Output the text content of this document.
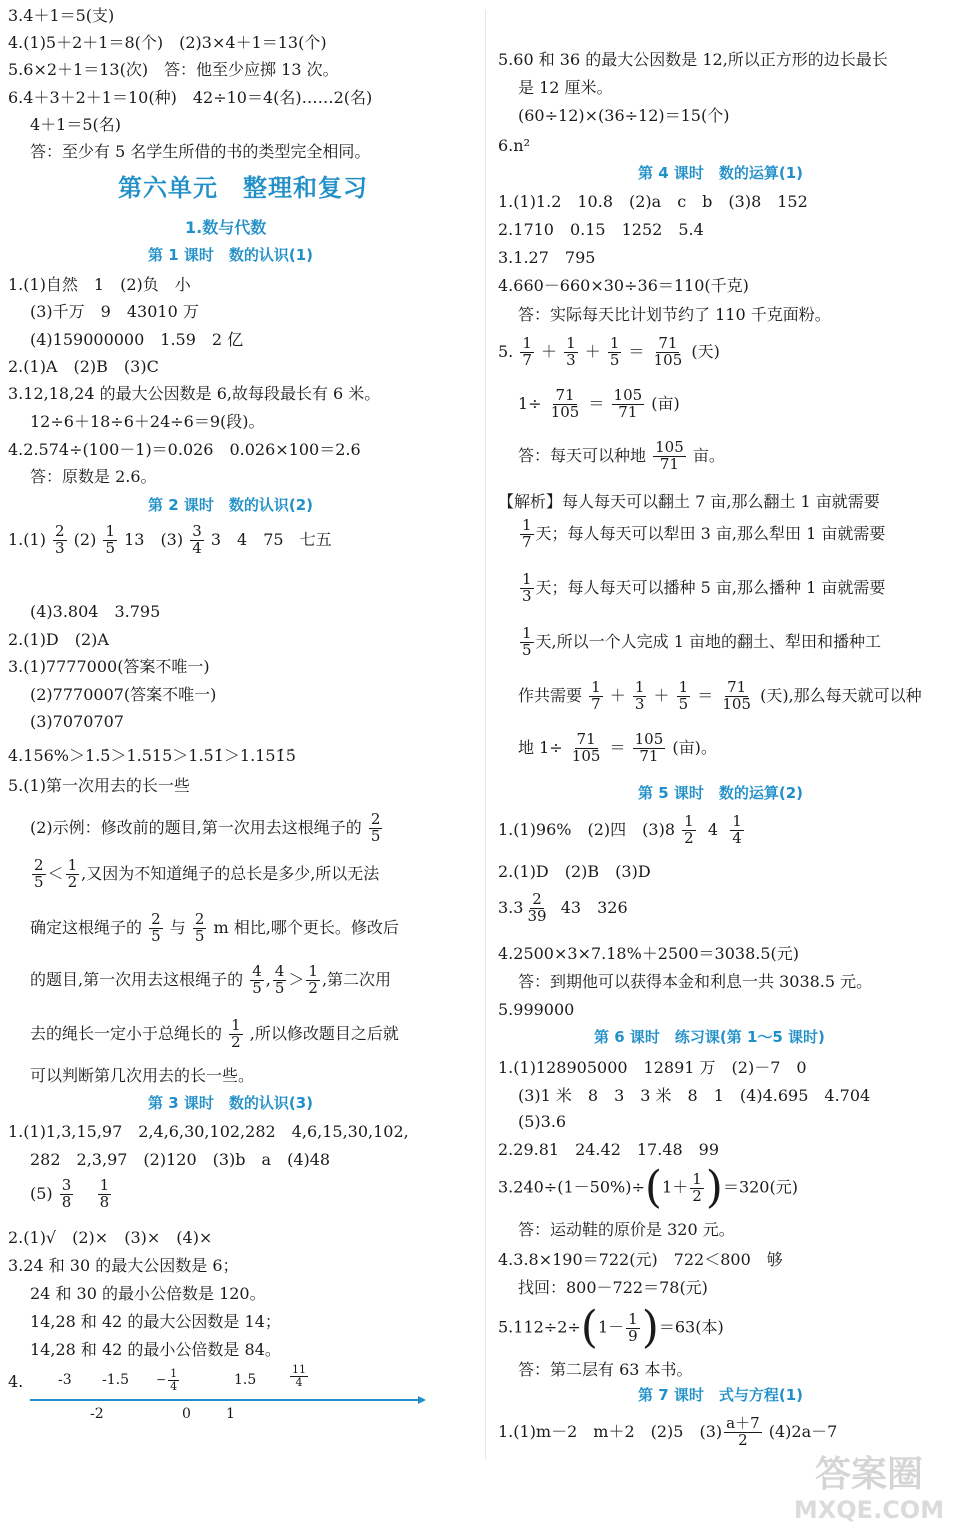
3.4＋1＝5(支)
4.(1)5＋2＋1＝8(个)　(2)3×4＋1＝13(个)
5.6×2＋1＝13(次)　答：他至少应掷 13 次。
6.4＋3＋2＋1＝10(种)　42÷10＝4(名)……2(名)
4＋1＝5(名)
答：至少有 5 名学生所借的书的类型完全相同。
第六单元　整理和复习
1.数与代数
第 1 课时　数的认识(1)
1.(1)自然　1　(2)负　小
(3)千万　9　43010 万
(4)159000000　1.59　2 亿
2.(1)A　(2)B　(3)C
3.12,18,24 的最大公因数是 6,故每段最长有 6 米。
12÷6＋18÷6＋24÷6＝9(段)。
4.2.574÷(100－1)＝0.026　0.026×100＝2.6
答：原数是 2.6。
第 2 课时　数的认识(2)
$1.(1) \frac{2}{3} (2) \frac{1}{5} 13$　$(3) \frac{3}{4} 3$　4　75　七五
(4)3.804　3.795
2.(1)D　(2)A
3.(1)7777000(答案不唯一)
(2)7770007(答案不唯一)
(3)7070707
4.156%＞1.5̇＞1.515＞1.5̇1̇＞1.151̇5̇
5.(1)第一次用去的长一些
(2)示例：修改前的题目,第一次用去这根绳子的 $\frac{2}{5}$
$\frac{2}{5} < \frac{1}{2}$ ,又因为不知道绳子的总长是多少,所以无法
确定这根绳子的 $\frac{2}{5}$ 与 $\frac{2}{5}$ m 相比,哪个更长。修改后
的题目,第一次用去这根绳子的 $\frac{4}{5}$ , $\frac{4}{5} > \frac{1}{2}$ ,第二次用
去的绳长一定小于总绳长的 $\frac{1}{2}$ ,所以修改题目之后就
可以判断第几次用去的长一些。
第 3 课时　数的认识(3)
1.(1)1,3,15,97　2,4,6,30,102,282　4,6,15,30,102,
282　2,3,97　(2)120　(3)b　a　(4)48
$(5) \frac{3}{8}$
$\frac{1}{8}$
2.(1)√　(2)×　(3)×　(4)×
3.24 和 30 的最大公因数是 6；
24 和 30 的最小公倍数是 120。
14,28 和 42 的最大公因数是 14；
14,28 和 42 的最小公倍数是 84。
4. -3 $-1.5 - \frac{1}{4}$	1.5	$\frac{11}{4}$
-2	0	1
5.60 和 36 的最大公因数是 12,所以正方形的边长最长
是 12 厘米。
(60÷12)×(36÷12)＝15(个)
6.n²
第 4 课时　数的运算(1)
1.(1)1.2　10.8　(2)a　c　b　(3)8　152
2.1710　0.15　1252　5.4
3.1.27　795
4.660－660×30÷36＝110(千克)
答：实际每天比计划节约了 110 千克面粉。
5. $\frac{1}{7} + \frac{1}{3} + \frac{1}{5} = \frac{71}{105}$ (天)
$1\div \frac{71}{105} = \frac{105}{71}$ (亩)
答：每天可以种地 $\frac{105}{71}$ 亩。
【解析】每人每天可以翻土 7 亩,那么翻土 1 亩就需要
$\frac{1}{7}$ 天；每人每天可以犁田 3 亩,那么犁田 1 亩就需要
$\frac{1}{3}$ 天；每人每天可以播种 5 亩,那么播种 1 亩就需要
$\frac{1}{5}$ 天,所以一个人完成 1 亩地的翻土、犁田和播种工
作共需要 $\frac{1}{7} + \frac{1}{3} + \frac{1}{5} = \frac{71}{105}$ (天),那么每天就可以种
地 $1\div \frac{71}{105} = \frac{105}{71}$ (亩)。
第 5 课时　数的运算(2)
1.(1)96%　(2)四　$(3)8 \frac{1}{2} 4 \frac{1}{4}$
2.(1)D　(2)B　(3)D
$3.3 \frac{2}{39} 43$　326
4.2500×3×7.18%＋2500＝3038.5(元)
答：到期他可以获得本金和利息一共 3038.5 元。
5.999000
第 6 课时　练习课(第 1～5 课时)
1.(1)128905000　12891 万　(2)－7　0
(3)1 米　8　3　3 米　8　1　(4)4.695　4.704
(5)3.6
2.29.81　24.42　17.48　99
$3.240\div(1-50\%)\div(1+ \frac{1}{2} )=320$(元)
答：运动鞋的原价是 320 元。
4.3.8×190＝722(元)　722＜800　够
找回：800－722＝78(元)
$5.112\div 2\div(1- \frac{1}{9} )=63$(本)
答：第二层有 63 本书。
第 7 课时　式与方程(1)
1.(1)m－2　m＋2　(2)5　$(3) \frac{a+7}{2} (4)2a-7$
答案圈
MXQE.COM
